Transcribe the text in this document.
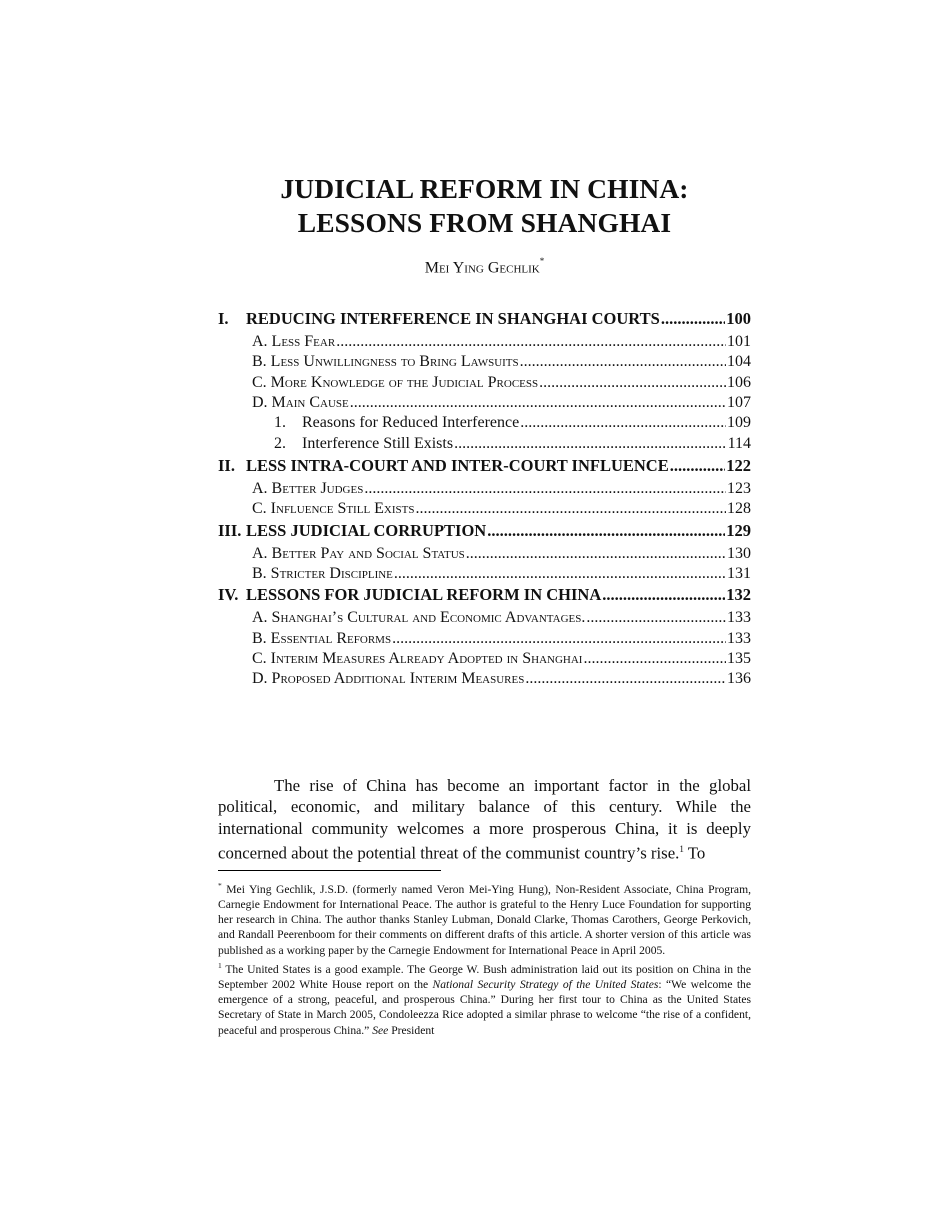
JUDICIAL REFORM IN CHINA:
LESSONS FROM SHANGHAI
Mei Ying Gechlik*
I. REDUCING INTERFERENCE IN SHANGHAI COURTS .....	100
A. Less Fear .....	101
B. Less Unwillingness to Bring Lawsuits .....	104
C. More Knowledge of the Judicial Process .....	106
D. Main Cause .....	107
1. Reasons for Reduced Interference .....	109
2. Interference Still Exists .....	114
II. LESS INTRA-COURT AND INTER-COURT INFLUENCE .....	122
A. Better Judges .....	123
C. Influence Still Exists .....	128
III. LESS JUDICIAL CORRUPTION .....	129
A. Better Pay and Social Status .....	130
B. Stricter Discipline .....	131
IV. LESSONS FOR JUDICIAL REFORM IN CHINA .....	132
A. Shanghai’s Cultural and Economic Advantages. .....	133
B. Essential Reforms .....	133
C. Interim Measures Already Adopted in Shanghai .....	135
D. Proposed Additional Interim Measures .....	136

The rise of China has become an important factor in the global political, economic, and military balance of this century. While the international community welcomes a more prosperous China, it is deeply concerned about the potential threat of the communist country’s rise.$^1$ To

* Mei Ying Gechlik, J.S.D. (formerly named Veron Mei-Ying Hung), Non-Resident Associate, China Program, Carnegie Endowment for International Peace. The author is grateful to the Henry Luce Foundation for supporting her research in China. The author thanks Stanley Lubman, Donald Clarke, Thomas Carothers, George Perkovich, and Randall Peerenboom for their comments on different drafts of this article. A shorter version of this article was published as a working paper by the Carnegie Endowment for International Peace in April 2005.

$^1$ The United States is a good example. The George W. Bush administration laid out its position on China in the September 2002 White House report on the National Security Strategy of the United States: “We welcome the emergence of a strong, peaceful, and prosperous China.” During her first tour to China as the United States Secretary of State in March 2005, Condoleezza Rice adopted a similar phrase to welcome “the rise of a confident, peaceful and prosperous China.” See President
